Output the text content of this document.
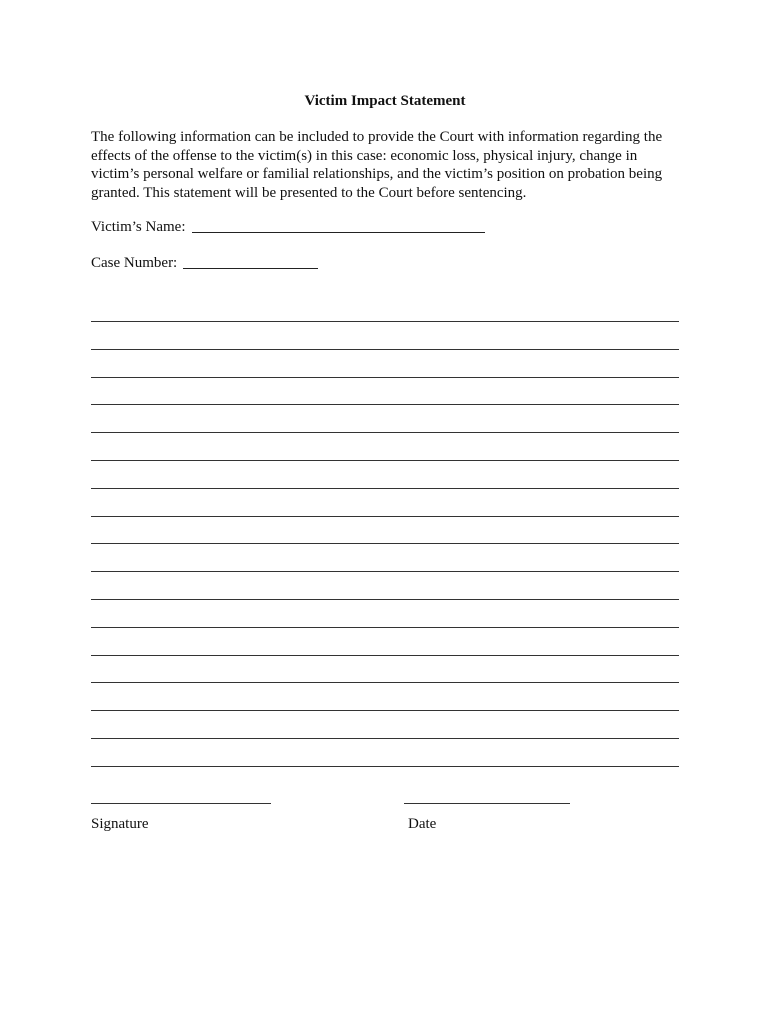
Victim Impact Statement
The following information can be included to provide the Court with information regarding the effects of the offense to the victim(s) in this case: economic loss, physical injury, change in victim’s personal welfare or familial relationships, and the victim’s position on probation being granted. This statement will be presented to the Court before sentencing.
Victim’s Name:
Case Number:
Signature	Date
